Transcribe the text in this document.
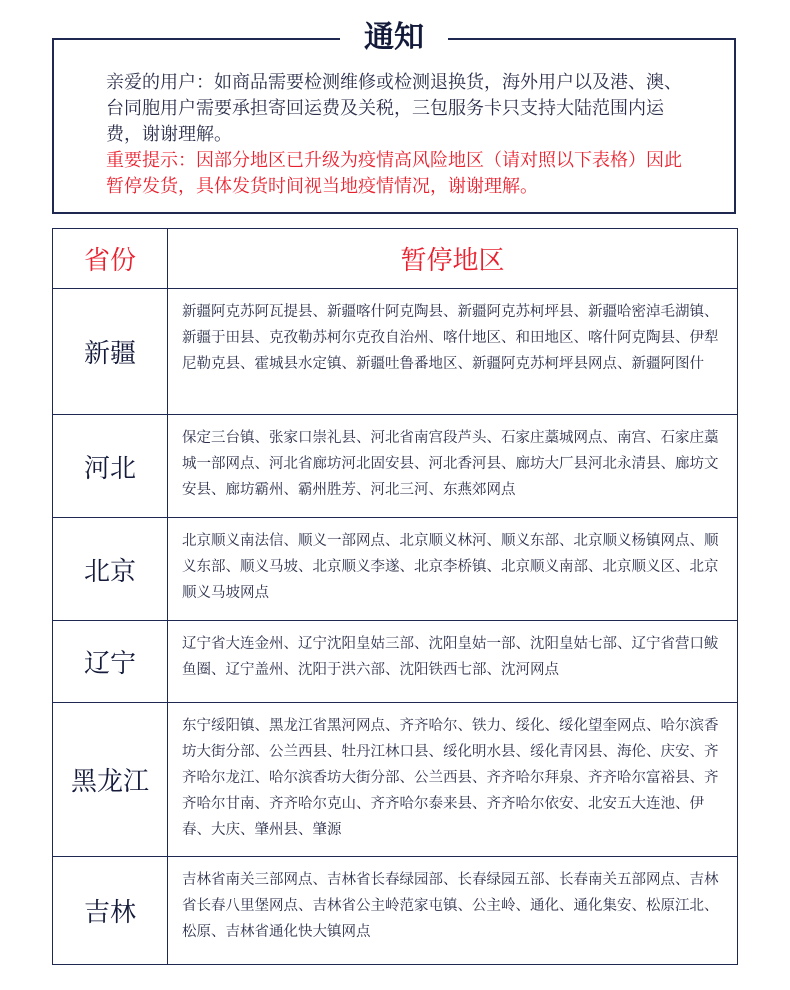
通知

亲爱的用户：如商品需要检测维修或检测退换货，海外用户以及港、澳、台同胞用户需要承担寄回运费及关税，三包服务卡只支持大陆范围内运费，谢谢理解。

重要提示：因部分地区已升级为疫情高风险地区（请对照以下表格）因此暂停发货，具体发货时间视当地疫情情况，谢谢理解。

省份	暂停地区
新疆	新疆阿克苏阿瓦提县、新疆喀什阿克陶县、新疆阿克苏柯坪县、新疆哈密淖毛湖镇、新疆于田县、克孜勒苏柯尔克孜自治州、喀什地区、和田地区、喀什阿克陶县、伊犁尼勒克县、霍城县水定镇、新疆吐鲁番地区、新疆阿克苏柯坪县网点、新疆阿图什
河北	保定三台镇、张家口崇礼县、河北省南宫段芦头、石家庄藁城网点、南宫、石家庄藁城一部网点、河北省廊坊河北固安县、河北香河县、廊坊大厂县河北永清县、廊坊文安县、廊坊霸州、霸州胜芳、河北三河、东燕郊网点
北京	北京顺义南法信、顺义一部网点、北京顺义林河、顺义东部、北京顺义杨镇网点、顺义东部、顺义马坡、北京顺义李遂、北京李桥镇、北京顺义南部、北京顺义区、北京顺义马坡网点
辽宁	辽宁省大连金州、辽宁沈阳皇姑三部、沈阳皇姑一部、沈阳皇姑七部、辽宁省营口鲅鱼圈、辽宁盖州、沈阳于洪六部、沈阳铁西七部、沈河网点
黑龙江	东宁绥阳镇、黑龙江省黑河网点、齐齐哈尔、铁力、绥化、绥化望奎网点、哈尔滨香坊大街分部、公兰西县、牡丹江林口县、绥化明水县、绥化青冈县、海伦、庆安、齐齐哈尔龙江、哈尔滨香坊大街分部、公兰西县、齐齐哈尔拜泉、齐齐哈尔富裕县、齐齐哈尔甘南、齐齐哈尔克山、齐齐哈尔泰来县、齐齐哈尔依安、北安五大连池、伊春、大庆、肇州县、肇源
吉林	吉林省南关三部网点、吉林省长春绿园部、长春绿园五部、长春南关五部网点、吉林省长春八里堡网点、吉林省公主岭范家屯镇、公主岭、通化、通化集安、松原江北、松原、吉林省通化快大镇网点
